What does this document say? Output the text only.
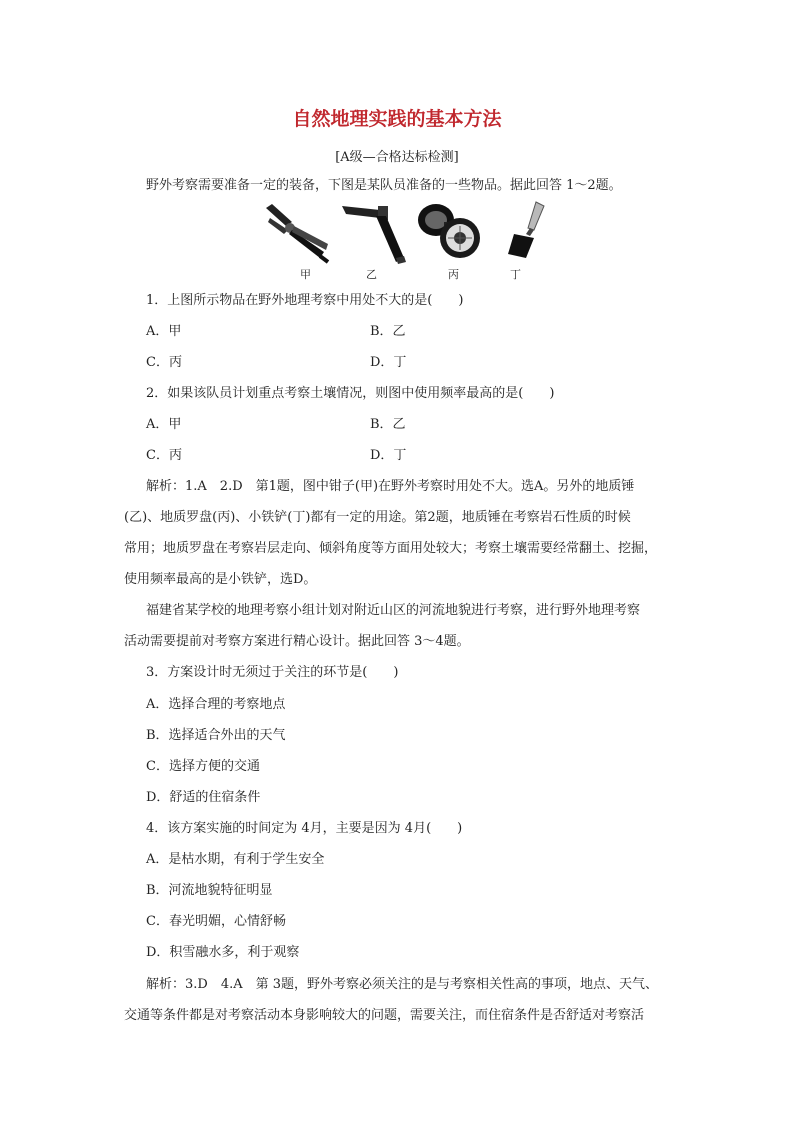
自然地理实践的基本方法
[A级—合格达标检测]
野外考察需要准备一定的装备，下图是某队员准备的一些物品。据此回答 1～2题。
甲	乙	丙	丁
1．上图所示物品在野外地理考察中用处不大的是(　　)
A．甲	B．乙
C．丙	D．丁
2．如果该队员计划重点考察土壤情况，则图中使用频率最高的是(　　)
A．甲	B．乙
C．丙	D．丁
解析：1.A　2.D　第1题，图中钳子(甲)在野外考察时用处不大。选A。另外的地质锤
(乙)、地质罗盘(丙)、小铁铲(丁)都有一定的用途。第2题，地质锤在考察岩石性质的时候
常用；地质罗盘在考察岩层走向、倾斜角度等方面用处较大；考察土壤需要经常翻土、挖掘，
使用频率最高的是小铁铲，选D。
福建省某学校的地理考察小组计划对附近山区的河流地貌进行考察，进行野外地理考察
活动需要提前对考察方案进行精心设计。据此回答 3～4题。
3．方案设计时无须过于关注的环节是(　　)
A．选择合理的考察地点
B．选择适合外出的天气
C．选择方便的交通
D．舒适的住宿条件
4．该方案实施的时间定为 4月，主要是因为 4月(　　)
A．是枯水期，有利于学生安全
B．河流地貌特征明显
C．春光明媚，心情舒畅
D．积雪融水多，利于观察
解析：3.D　4.A　第 3题，野外考察必须关注的是与考察相关性高的事项，地点、天气、
交通等条件都是对考察活动本身影响较大的问题，需要关注，而住宿条件是否舒适对考察活
